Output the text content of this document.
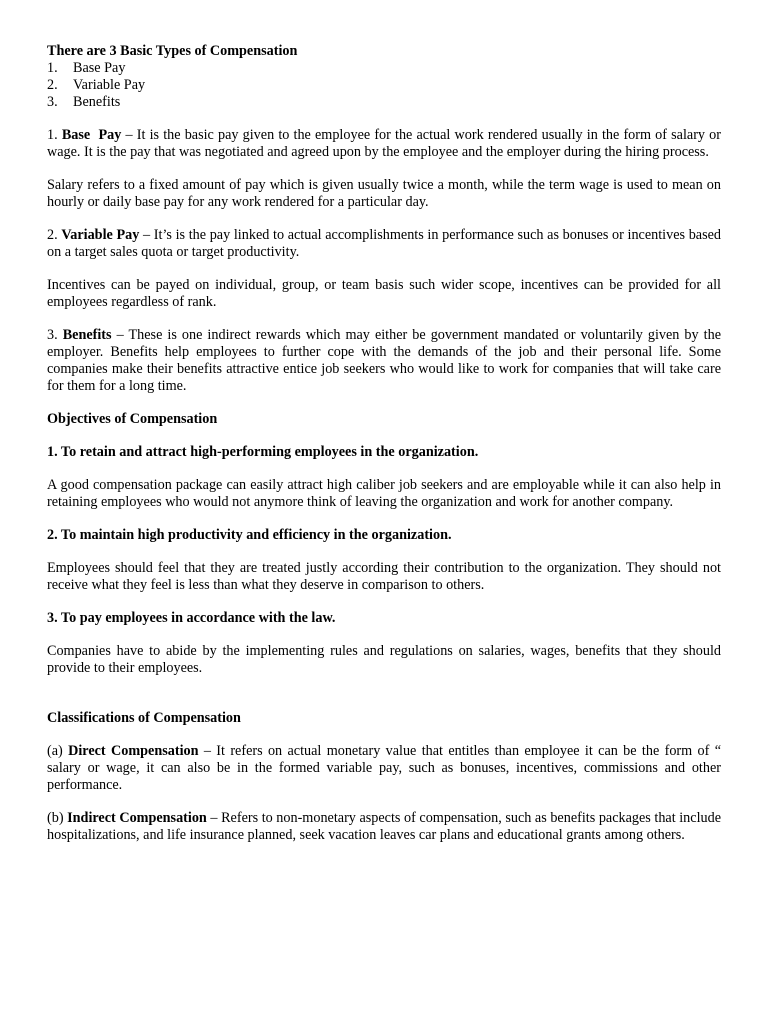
There are 3 Basic Types of Compensation

1.	Base Pay
2.	Variable Pay
3.	Benefits

1. Base  Pay – It is the basic pay given to the employee for the actual work rendered usually in the form of salary or wage. It is the pay that was negotiated and agreed upon by the employee and the employer during the hiring process.

Salary refers to a fixed amount of pay which is given usually twice a month, while the term wage is used to mean on hourly or daily base pay for any work rendered for a particular day.

2. Variable Pay – It’s is the pay linked to actual accomplishments in performance such as bonuses or incentives based on a target sales quota or target productivity.

Incentives can be payed on individual, group, or team basis such wider scope, incentives can be provided for all employees regardless of rank.

3. Benefits – These is one indirect rewards which may either be government mandated or voluntarily given by the employer. Benefits help employees to further cope with the demands of the job and their personal life. Some companies make their benefits attractive entice job seekers who would like to work for companies that will take care for them for a long time.

Objectives of Compensation

1. To retain and attract high-performing employees in the organization.

A good compensation package can easily attract high caliber job seekers and are employable while it can also help in retaining employees who would not anymore think of leaving the organization and work for another company.

2. To maintain high productivity and efficiency in the organization.

Employees should feel that they are treated justly according their contribution to the organization. They should not receive what they feel is less than what they deserve in comparison to others.

3. To pay employees in accordance with the law.

Companies have to abide by the implementing rules and regulations on salaries, wages, benefits that they should provide to their employees.

Classifications of Compensation

(a) Direct Compensation – It refers on actual monetary value that entitles than employee it can be the form of “ salary or wage, it can also be in the formed variable pay, such as bonuses, incentives, commissions and other performance.

(b) Indirect Compensation – Refers to non-monetary aspects of compensation, such as benefits packages that include hospitalizations, and life insurance planned, seek vacation leaves car plans and educational grants among others.
